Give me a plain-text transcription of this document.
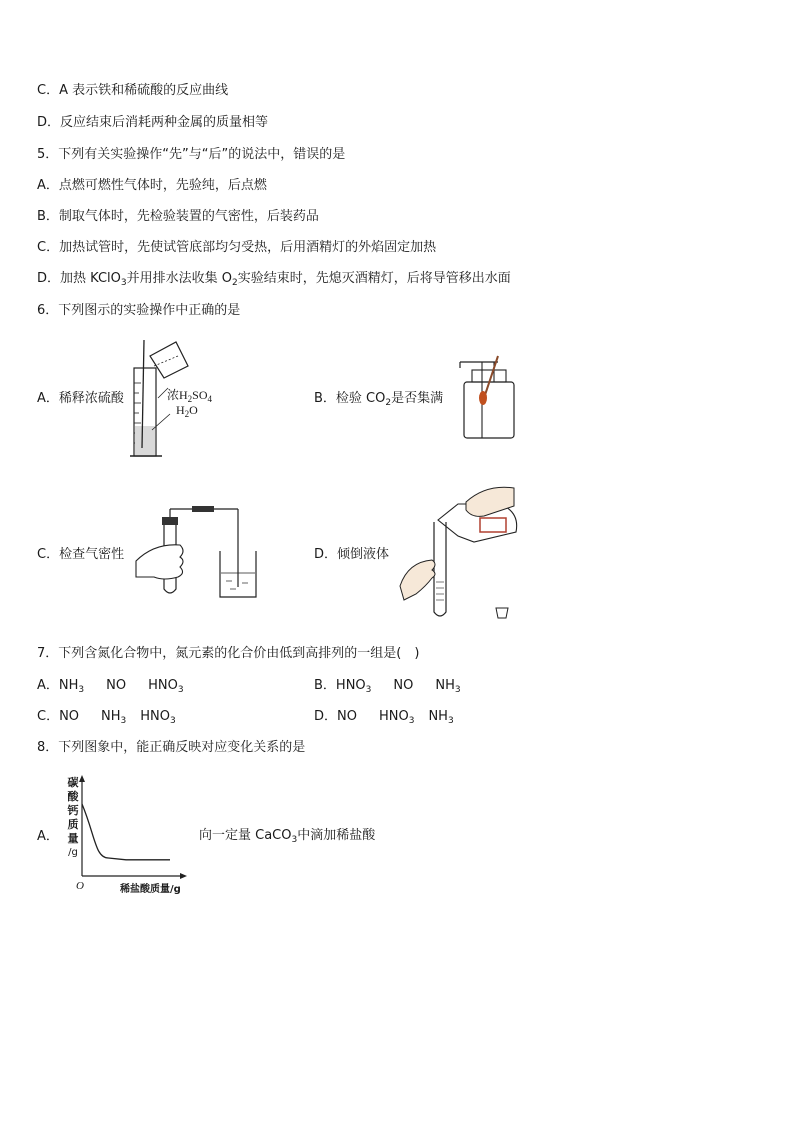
C．A 表示铁和稀硫酸的反应曲线
D．反应结束后消耗两种金属的质量相等
5．下列有关实验操作“先”与“后”的说法中，错误的是
A．点燃可燃性气体时，先验纯，后点燃
B．制取气体时，先检验装置的气密性，后装药品
C．加热试管时，先使试管底部均匀受热，后用酒精灯的外焰固定加热
D．加热 KClO$_3$并用排水法收集 $O_2$实验结束时，先熄灭酒精灯，后将导管移出水面
6．下列图示的实验操作中正确的是
A．稀释浓硫酸	浓$H_2SO_4$
$H_2O$
B．检验 $CO_2$是否集满
C．检查气密性	D．倾倒液体
7．下列含氮化合物中，氮元素的化合价由低到高排列的一组是(　)
A．$NH_3$ NO $HNO_3$	B．$HNO_3$ NO $NH_3$
C．NO $NH_3$ $HNO_3$	D．NO $HNO_3$ $NH_3$
8．下列图象中，能正确反映对应变化关系的是
A．
碳
酸
钙
质
量
/g
O	稀盐酸质量/g
向一定量 CaCO$_3$中滴加稀盐酸
